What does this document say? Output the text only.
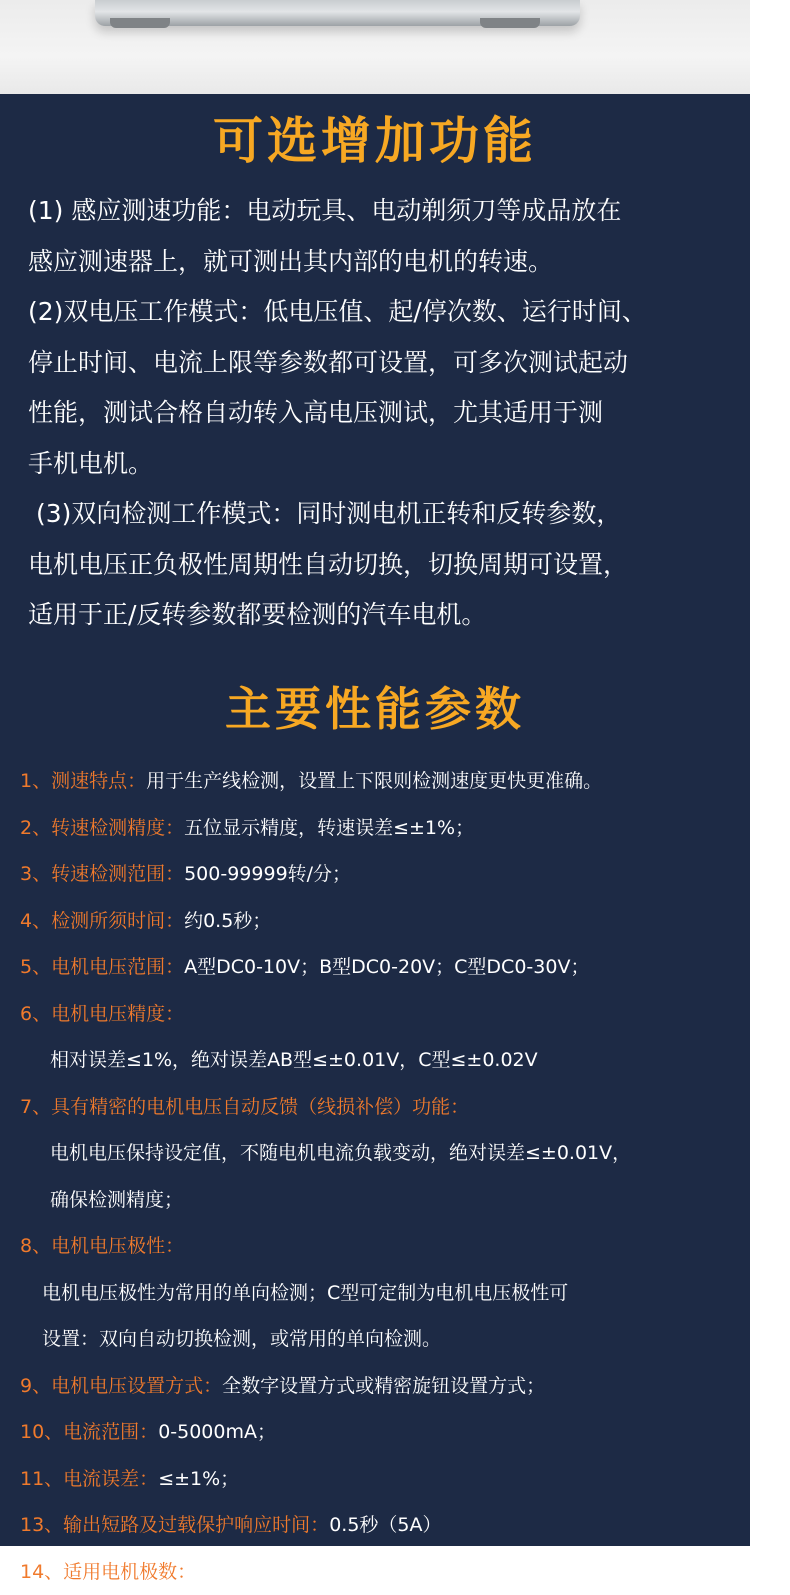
可选增加功能

(1) 感应测速功能：电动玩具、电动剃须刀等成品放在

感应测速器上，就可测出其内部的电机的转速。

(2)双电压工作模式：低电压值、起/停次数、运行时间、

停止时间、电流上限等参数都可设置，可多次测试起动

性能，测试合格自动转入高电压测试，尤其适用于测

手机电机。

(3)双向检测工作模式：同时测电机正转和反转参数，

电机电压正负极性周期性自动切换，切换周期可设置，

适用于正/反转参数都要检测的汽车电机。

主要性能参数
1、测速特点：用于生产线检测，设置上下限则检测速度更快更准确。
2、转速检测精度：五位显示精度，转速误差≤±1%；
3、转速检测范围：500-99999转/分；
4、检测所须时间：约0.5秒；
5、电机电压范围：A型DC0-10V；B型DC0-20V；C型DC0-30V；
6、电机电压精度：
相对误差≤1%，绝对误差AB型≤±0.01V，C型≤±0.02V
7、具有精密的电机电压自动反馈（线损补偿）功能：
电机电压保持设定值，不随电机电流负载变动，绝对误差≤±0.01V，
确保检测精度；
8、电机电压极性：
电机电压极性为常用的单向检测；C型可定制为电机电压极性可
设置：双向自动切换检测，或常用的单向检测。
9、电机电压设置方式：全数字设置方式或精密旋钮设置方式；
10、电流范围：0-5000mA；
11、电流误差：≤±1%；
13、输出短路及过载保护响应时间：0.5秒（5A）
14、适用电机极数：A测二极电机，C型测三极和五极电机两者电机；
